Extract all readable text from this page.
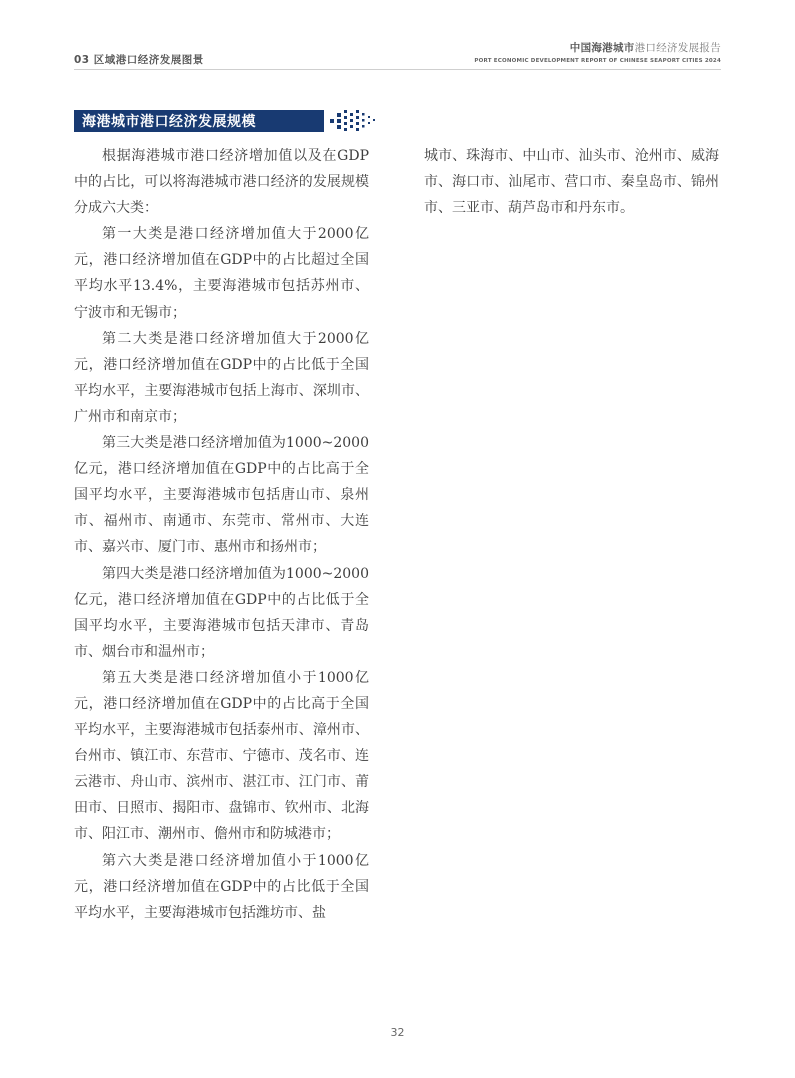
03 区域港口经济发展图景
中国海港城市港口经济发展报告
PORT ECONOMIC DEVELOPMENT REPORT OF CHINESE SEAPORT CITIES 2024
海港城市港口经济发展规模

根据海港城市港口经济增加值以及在GDP中的占比，可以将海港城市港口经济的发展规模分成六大类：

第一大类是港口经济增加值大于2000亿元，港口经济增加值在GDP中的占比超过全国平均水平13.4%，主要海港城市包括苏州市、宁波市和无锡市；

第二大类是港口经济增加值大于2000亿元，港口经济增加值在GDP中的占比低于全国平均水平，主要海港城市包括上海市、深圳市、广州市和南京市；

第三大类是港口经济增加值为1000~2000亿元，港口经济增加值在GDP中的占比高于全国平均水平，主要海港城市包括唐山市、泉州市、福州市、南通市、东莞市、常州市、大连市、嘉兴市、厦门市、惠州市和扬州市；

第四大类是港口经济增加值为1000~2000亿元，港口经济增加值在GDP中的占比低于全国平均水平，主要海港城市包括天津市、青岛市、烟台市和温州市；

第五大类是港口经济增加值小于1000亿元，港口经济增加值在GDP中的占比高于全国平均水平，主要海港城市包括泰州市、漳州市、台州市、镇江市、东营市、宁德市、茂名市、连云港市、舟山市、滨州市、湛江市、江门市、莆田市、日照市、揭阳市、盘锦市、钦州市、北海市、阳江市、潮州市、儋州市和防城港市；

第六大类是港口经济增加值小于1000亿元，港口经济增加值在GDP中的占比低于全国平均水平，主要海港城市包括潍坊市、盐

城市、珠海市、中山市、汕头市、沧州市、威海市、海口市、汕尾市、营口市、秦皇岛市、锦州市、三亚市、葫芦岛市和丹东市。

32
